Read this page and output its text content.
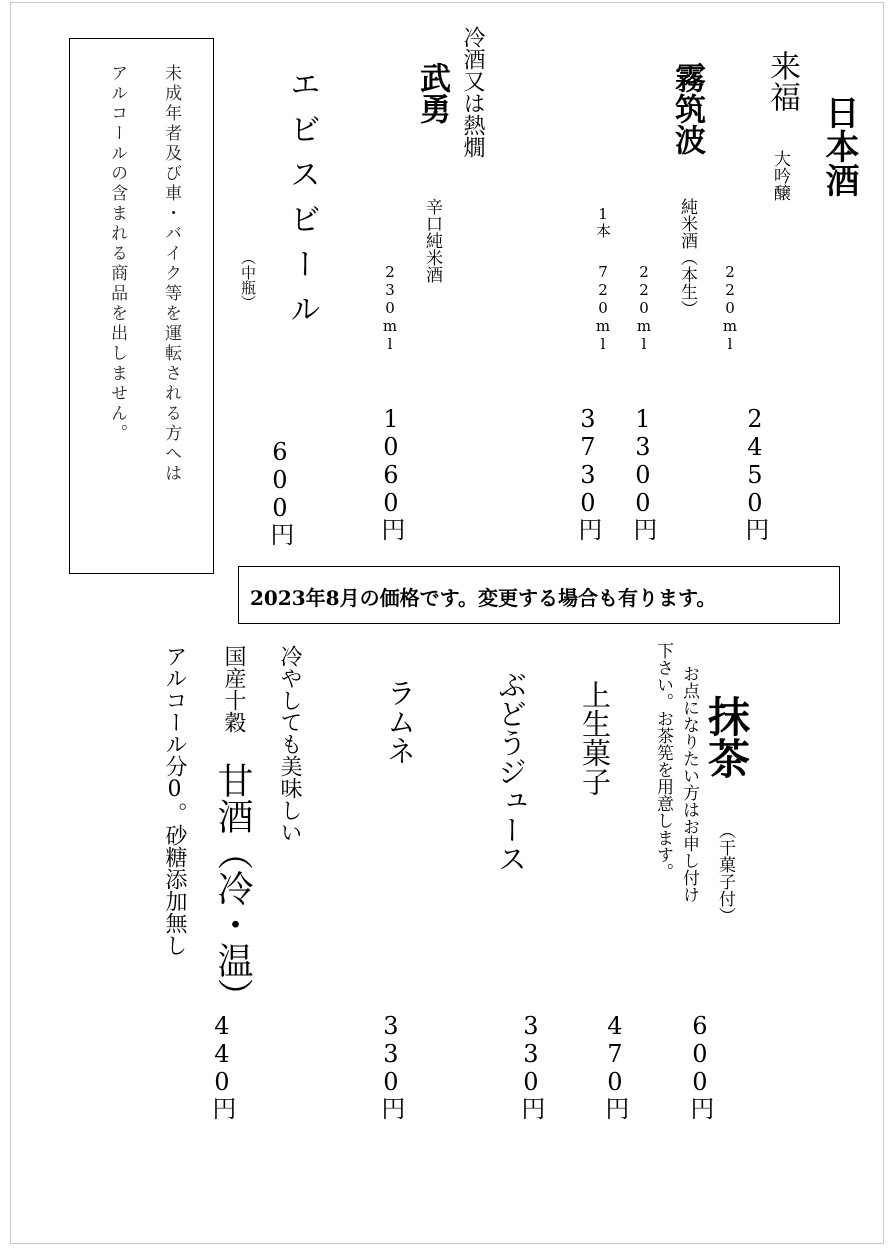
日本酒
来福
大吟醸
220ml
2450円
霧筑波
純米酒（本生）
220ml
1300円
1本
720ml
3730円
冷酒又は熱燗
武勇
辛口純米酒
230ml
1060円
エビスビール
（中瓶）
600円
未成年者及び車・バイク等を運転される方へは
アルコールの含まれる商品を出しません。
2023年8月の価格です。変更する場合も有ります。
抹茶
（干菓子付）
お点になりたい方はお申し付け
下さい。お茶筅を用意します。
600円
上生菓子
470円
ぶどうジュース
330円
ラムネ
330円
冷やしても美味しい
国産十穀
甘酒（冷・温）
アルコール分0。砂糖添加無し
440円
